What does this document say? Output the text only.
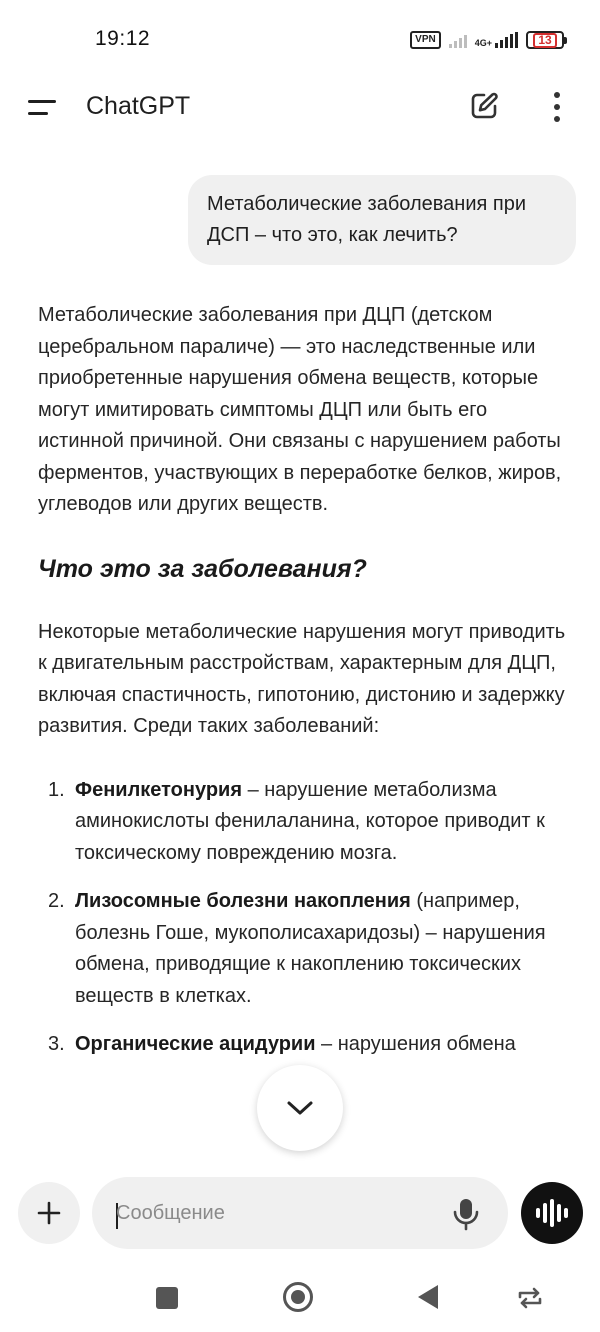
19:12	VPN	4G+	13
ChatGPT
Метаболические заболевания при ДСП – что это, как лечить?

Метаболические заболевания при ДЦП (детском церебральном параличе) — это наследственные или приобретенные нарушения обмена веществ, которые могут имитировать симптомы ДЦП или быть его истинной причиной. Они связаны с нарушением работы ферментов, участвующих в переработке белков, жиров, углеводов или других веществ.

Что это за заболевания?

Некоторые метаболические нарушения могут приводить к двигательным расстройствам, характерным для ДЦП, включая спастичность, гипотонию, дистонию и задержку развития. Среди таких заболеваний:

1. Фенилкетонурия – нарушение метаболизма аминокислоты фенилаланина, которое приводит к токсическому повреждению мозга.
2. Лизосомные болезни накопления (например, болезнь Гоше, мукополисахаридозы) – нарушения обмена, приводящие к накоплению токсических веществ в клетках.
3. Органические ацидурии – нарушения обмена
Сообщение
